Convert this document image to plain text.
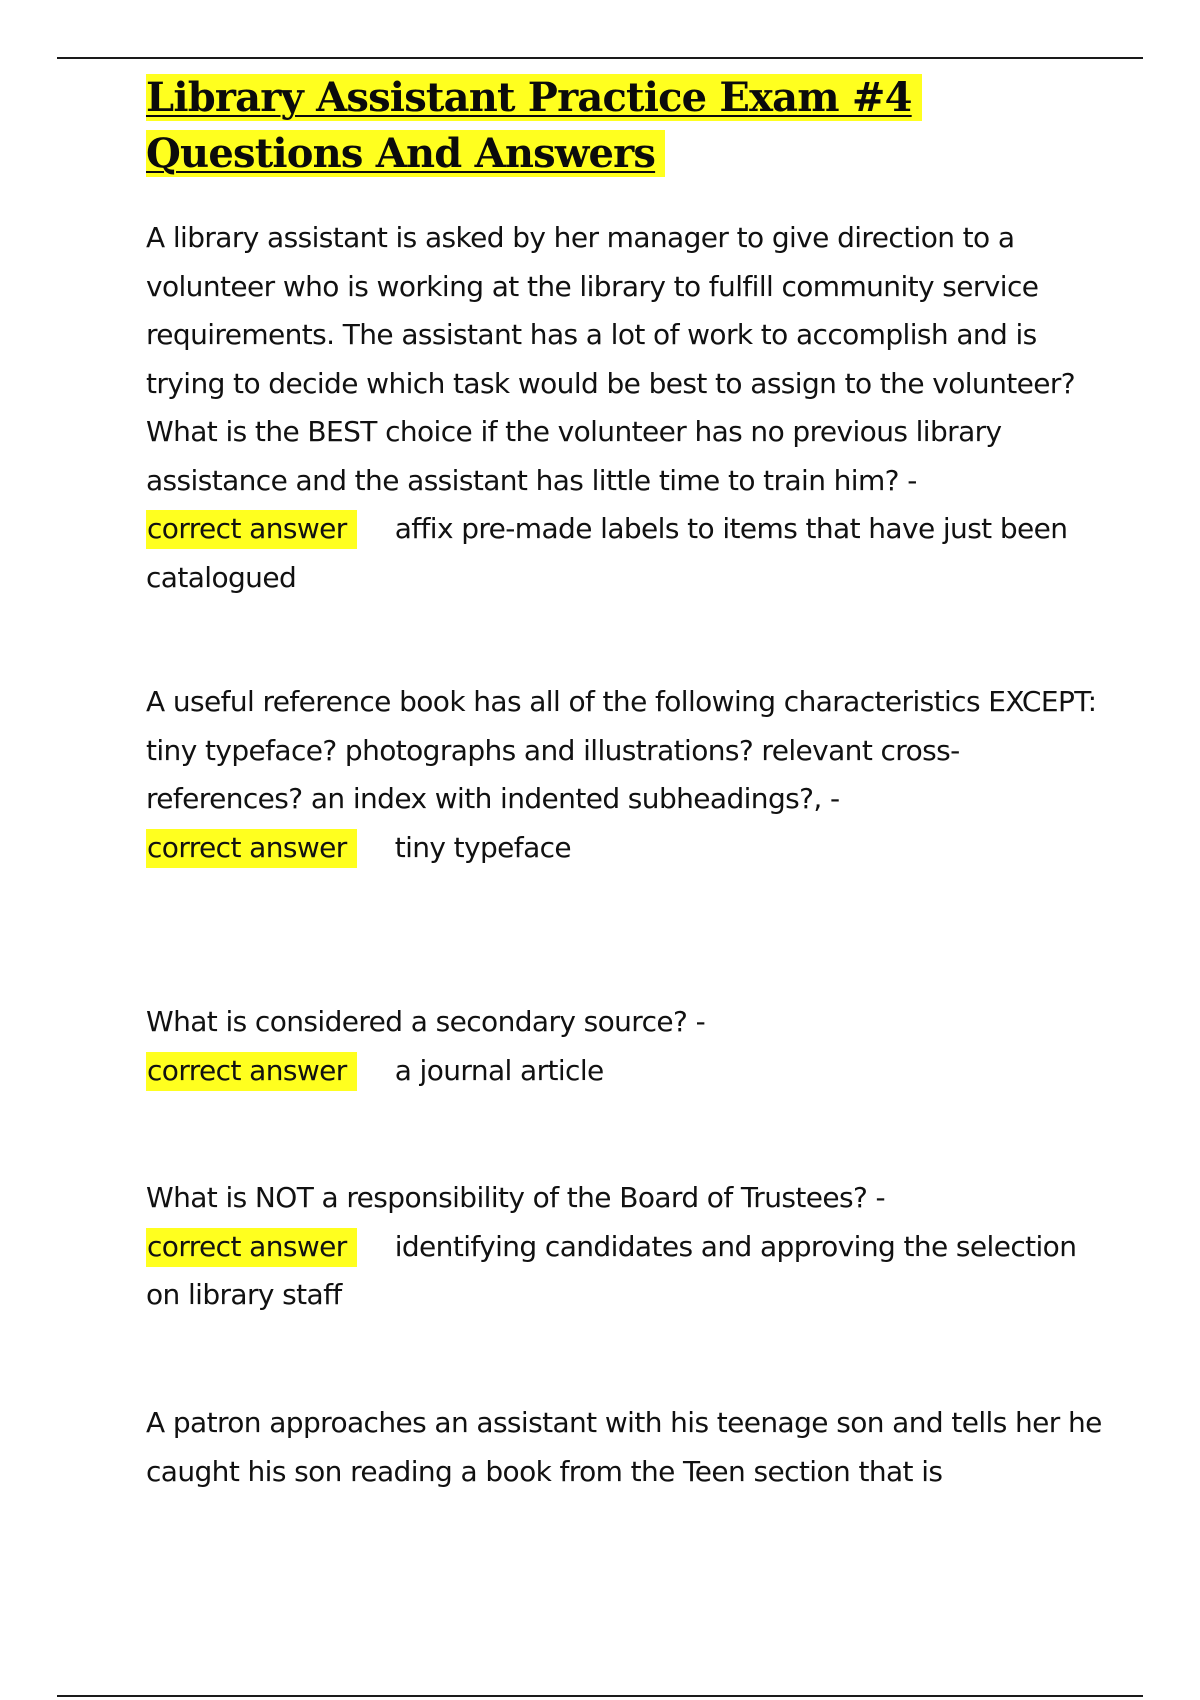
Library Assistant Practice Exam #4
Questions And Answers

A library assistant is asked by her manager to give direction to a volunteer who is working at the library to fulfill community service requirements. The assistant has a lot of work to accomplish and is trying to decide which task would be best to assign to the volunteer? What is the BEST choice if the volunteer has no previous library assistance and the assistant has little time to train him? -
correct answer affix pre-made labels to items that have just been catalogued

A useful reference book has all of the following characteristics EXCEPT: tiny typeface? photographs and illustrations? relevant cross-references? an index with indented subheadings?, -
correct answer tiny typeface

What is considered a secondary source? -
correct answer a journal article

What is NOT a responsibility of the Board of Trustees? -
correct answer identifying candidates and approving the selection on library staff

A patron approaches an assistant with his teenage son and tells her he caught his son reading a book from the Teen section that is
